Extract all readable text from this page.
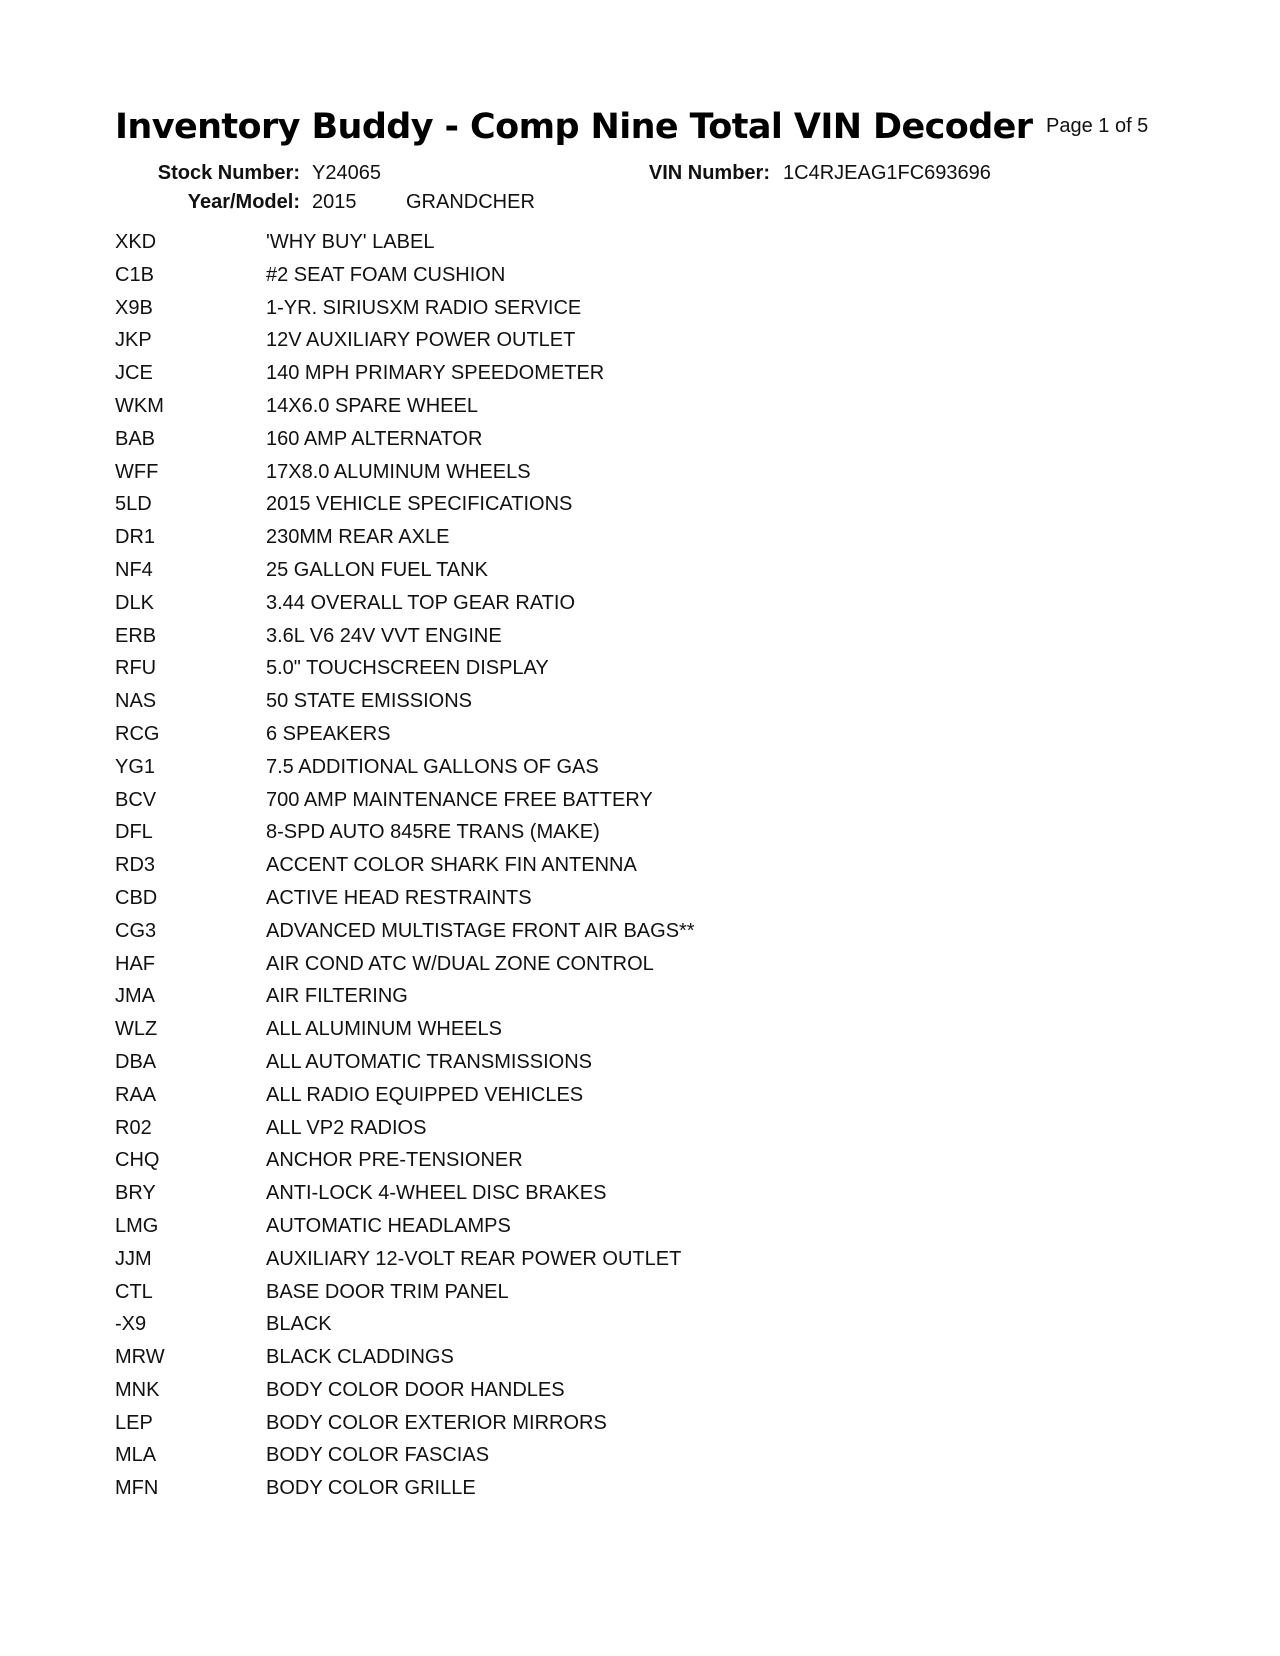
Inventory Buddy - Comp Nine Total VIN Decoder Page 1 of 5
Stock Number: Y24065	VIN Number: 1C4RJEAG1FC693696
Year/Model: 2015 GRANDCHER
XKD	'WHY BUY' LABEL
C1B	#2 SEAT FOAM CUSHION
X9B	1-YR. SIRIUSXM RADIO SERVICE
JKP	12V AUXILIARY POWER OUTLET
JCE	140 MPH PRIMARY SPEEDOMETER
WKM	14X6.0 SPARE WHEEL
BAB	160 AMP ALTERNATOR
WFF	17X8.0 ALUMINUM WHEELS
5LD	2015 VEHICLE SPECIFICATIONS
DR1	230MM REAR AXLE
NF4	25 GALLON FUEL TANK
DLK	3.44 OVERALL TOP GEAR RATIO
ERB	3.6L V6 24V VVT ENGINE
RFU	5.0" TOUCHSCREEN DISPLAY
NAS	50 STATE EMISSIONS
RCG	6 SPEAKERS
YG1	7.5 ADDITIONAL GALLONS OF GAS
BCV	700 AMP MAINTENANCE FREE BATTERY
DFL	8-SPD AUTO 845RE TRANS (MAKE)
RD3	ACCENT COLOR SHARK FIN ANTENNA
CBD	ACTIVE HEAD RESTRAINTS
CG3	ADVANCED MULTISTAGE FRONT AIR BAGS**
HAF	AIR COND ATC W/DUAL ZONE CONTROL
JMA	AIR FILTERING
WLZ	ALL ALUMINUM WHEELS
DBA	ALL AUTOMATIC TRANSMISSIONS
RAA	ALL RADIO EQUIPPED VEHICLES
R02	ALL VP2 RADIOS
CHQ	ANCHOR PRE-TENSIONER
BRY	ANTI-LOCK 4-WHEEL DISC BRAKES
LMG	AUTOMATIC HEADLAMPS
JJM	AUXILIARY 12-VOLT REAR POWER OUTLET
CTL	BASE DOOR TRIM PANEL
-X9	BLACK
MRW	BLACK CLADDINGS
MNK	BODY COLOR DOOR HANDLES
LEP	BODY COLOR EXTERIOR MIRRORS
MLA	BODY COLOR FASCIAS
MFN	BODY COLOR GRILLE
